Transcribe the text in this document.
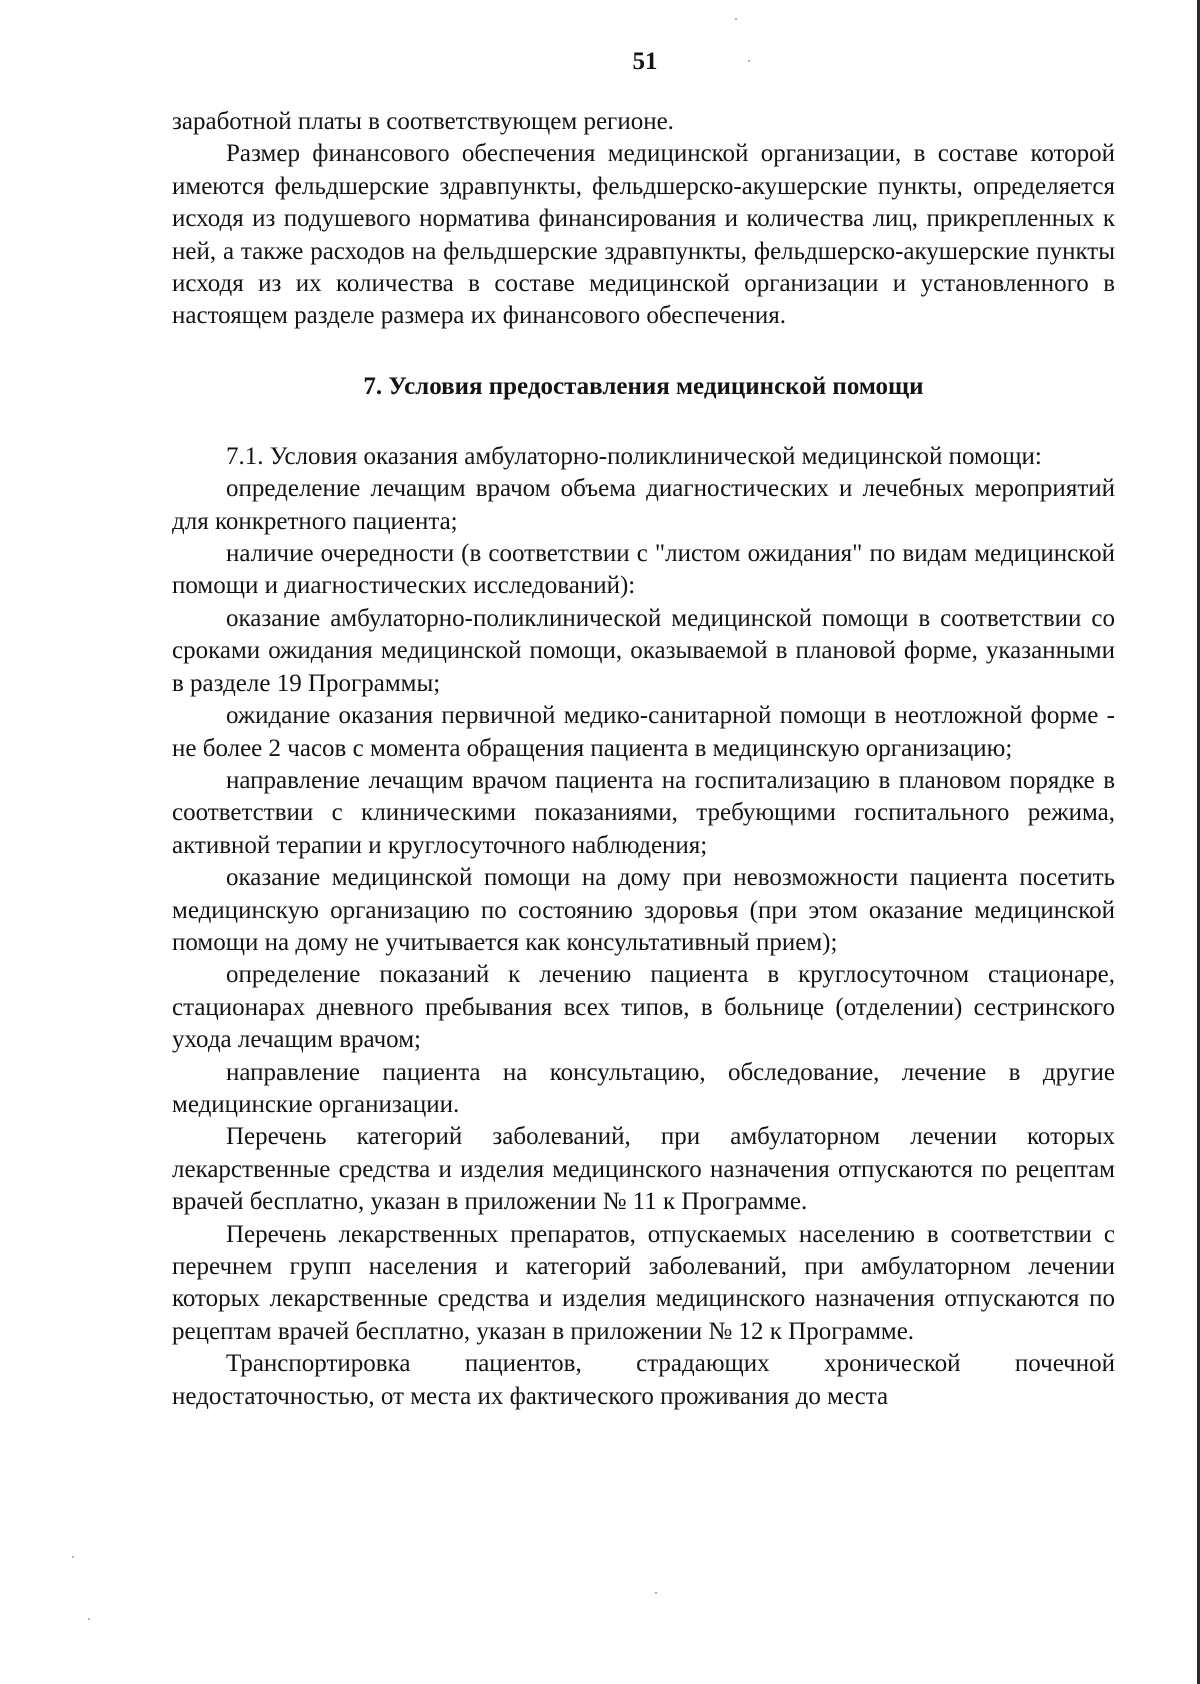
51

заработной платы в соответствующем регионе.

Размер финансового обеспечения медицинской организации, в составе которой имеются фельдшерские здравпункты, фельдшерско-акушерские пункты, определяется исходя из подушевого норматива финансирования и количества лиц, прикрепленных к ней, а также расходов на фельдшерские здравпункты, фельдшерско-акушерские пункты исходя из их количества в составе медицинской организации и установленного в настоящем разделе размера их финансового обеспечения.

7. Условия предоставления медицинской помощи

7.1. Условия оказания амбулаторно-поликлинической медицинской помощи:

определение лечащим врачом объема диагностических и лечебных мероприятий для конкретного пациента;

наличие очередности (в соответствии с "листом ожидания" по видам медицинской помощи и диагностических исследований):

оказание амбулаторно-поликлинической медицинской помощи в соответствии со сроками ожидания медицинской помощи, оказываемой в плановой форме, указанными в разделе 19 Программы;

ожидание оказания первичной медико-санитарной помощи в неотложной форме - не более 2 часов с момента обращения пациента в медицинскую организацию;

направление лечащим врачом пациента на госпитализацию в плановом порядке в соответствии с клиническими показаниями, требующими госпитального режима, активной терапии и круглосуточного наблюдения;

оказание медицинской помощи на дому при невозможности пациента посетить медицинскую организацию по состоянию здоровья (при этом оказание медицинской помощи на дому не учитывается как консультативный прием);

определение показаний к лечению пациента в круглосуточном стационаре, стационарах дневного пребывания всех типов, в больнице (отделении) сестринского ухода лечащим врачом;

направление пациента на консультацию, обследование, лечение в другие медицинские организации.

Перечень категорий заболеваний, при амбулаторном лечении которых лекарственные средства и изделия медицинского назначения отпускаются по рецептам врачей бесплатно, указан в приложении № 11 к Программе.

Перечень лекарственных препаратов, отпускаемых населению в соответствии с перечнем групп населения и категорий заболеваний, при амбулаторном лечении которых лекарственные средства и изделия медицинского назначения отпускаются по рецептам врачей бесплатно, указан в приложении № 12 к Программе.

Транспортировка пациентов, страдающих хронической почечной недостаточностью, от места их фактического проживания до места
